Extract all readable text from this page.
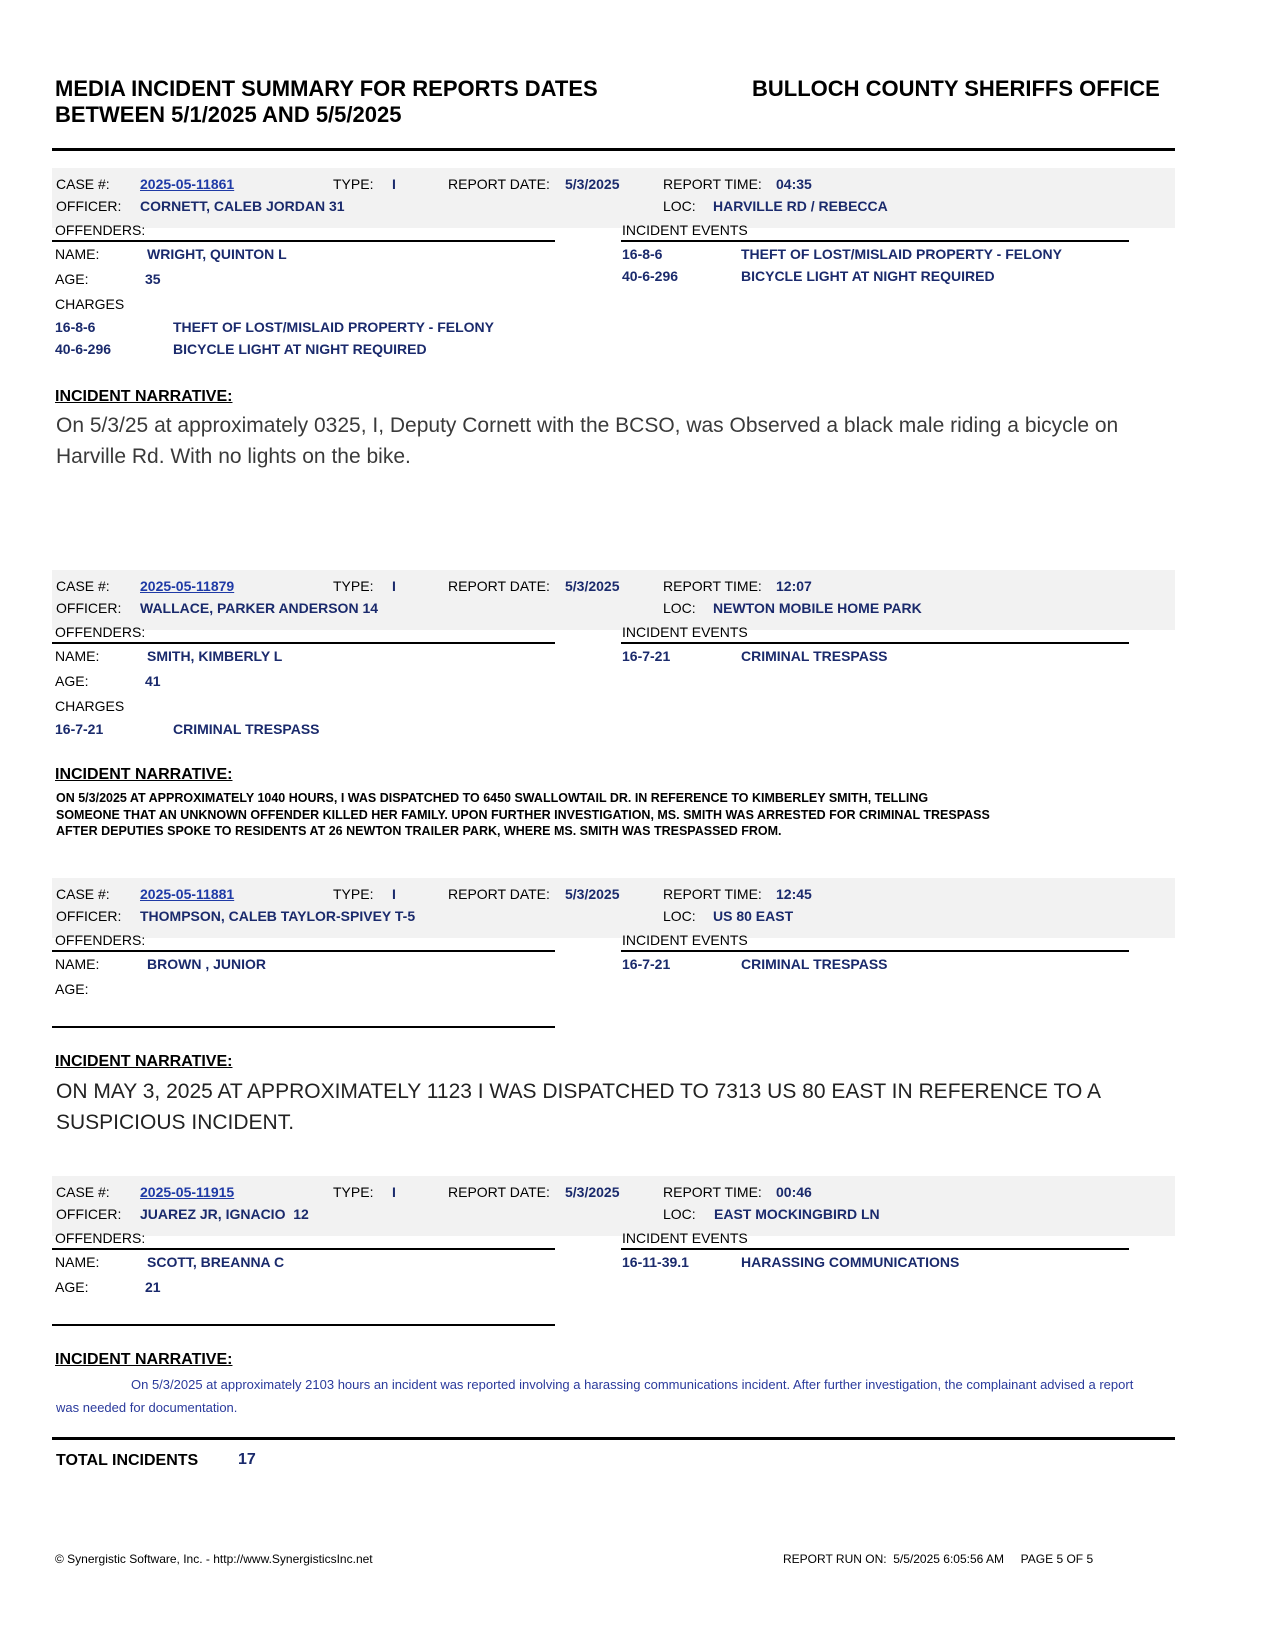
MEDIA INCIDENT SUMMARY FOR REPORTS DATES
BETWEEN 5/1/2025 AND 5/5/2025
BULLOCH COUNTY SHERIFFS OFFICE
CASE #: 2025-05-11861	TYPE: I	REPORT DATE: 5/3/2025	REPORT TIME: 04:35
OFFICER: CORNETT, CALEB JORDAN 31	LOC: HARVILLE RD / REBECCA
OFFENDERS:	INCIDENT EVENTS
NAME:	WRIGHT, QUINTON L
AGE:	35
CHARGES
16-8-6	THEFT OF LOST/MISLAID PROPERTY - FELONY
40-6-296	BICYCLE LIGHT AT NIGHT REQUIRED
16-8-6	THEFT OF LOST/MISLAID PROPERTY - FELONY
40-6-296	BICYCLE LIGHT AT NIGHT REQUIRED
INCIDENT NARRATIVE:
On 5/3/25 at approximately 0325, I, Deputy Cornett with the BCSO, was Observed a black male riding a bicycle on Harville Rd. With no lights on the bike.
CASE #: 2025-05-11879	TYPE: I	REPORT DATE: 5/3/2025	REPORT TIME: 12:07
OFFICER: WALLACE, PARKER ANDERSON 14	LOC: NEWTON MOBILE HOME PARK
OFFENDERS:	INCIDENT EVENTS
NAME:	SMITH, KIMBERLY L
AGE:	41
CHARGES
16-7-21	CRIMINAL TRESPASS
16-7-21	CRIMINAL TRESPASS
INCIDENT NARRATIVE:
ON 5/3/2025 AT APPROXIMATELY 1040 HOURS, I WAS DISPATCHED TO 6450 SWALLOWTAIL DR. IN REFERENCE TO KIMBERLEY SMITH, TELLING
SOMEONE THAT AN UNKNOWN OFFENDER KILLED HER FAMILY. UPON FURTHER INVESTIGATION, MS. SMITH WAS ARRESTED FOR CRIMINAL TRESPASS
AFTER DEPUTIES SPOKE TO RESIDENTS AT 26 NEWTON TRAILER PARK, WHERE MS. SMITH WAS TRESPASSED FROM.
CASE #: 2025-05-11881	TYPE: I	REPORT DATE: 5/3/2025	REPORT TIME: 12:45
OFFICER: THOMPSON, CALEB TAYLOR-SPIVEY T-5	LOC: US 80 EAST
OFFENDERS:	INCIDENT EVENTS
NAME:	BROWN , JUNIOR
AGE:
16-7-21	CRIMINAL TRESPASS
INCIDENT NARRATIVE:
ON MAY 3, 2025 AT APPROXIMATELY 1123 I WAS DISPATCHED TO 7313 US 80 EAST IN REFERENCE TO A SUSPICIOUS INCIDENT.
CASE #: 2025-05-11915	TYPE: I	REPORT DATE: 5/3/2025	REPORT TIME: 00:46
OFFICER: JUAREZ JR, IGNACIO  12	LOC: EAST MOCKINGBIRD LN
OFFENDERS:	INCIDENT EVENTS
NAME:	SCOTT, BREANNA C
AGE:	21
16-11-39.1	HARASSING COMMUNICATIONS
INCIDENT NARRATIVE:
On 5/3/2025 at approximately 2103 hours an incident was reported involving a harassing communications incident. After further investigation, the complainant advised a report was needed for documentation.
TOTAL INCIDENTS 17
© Synergistic Software, Inc. - http://www.SynergisticsInc.net	REPORT RUN ON:  5/5/2025 6:05:56 AM     PAGE 5 OF 5
